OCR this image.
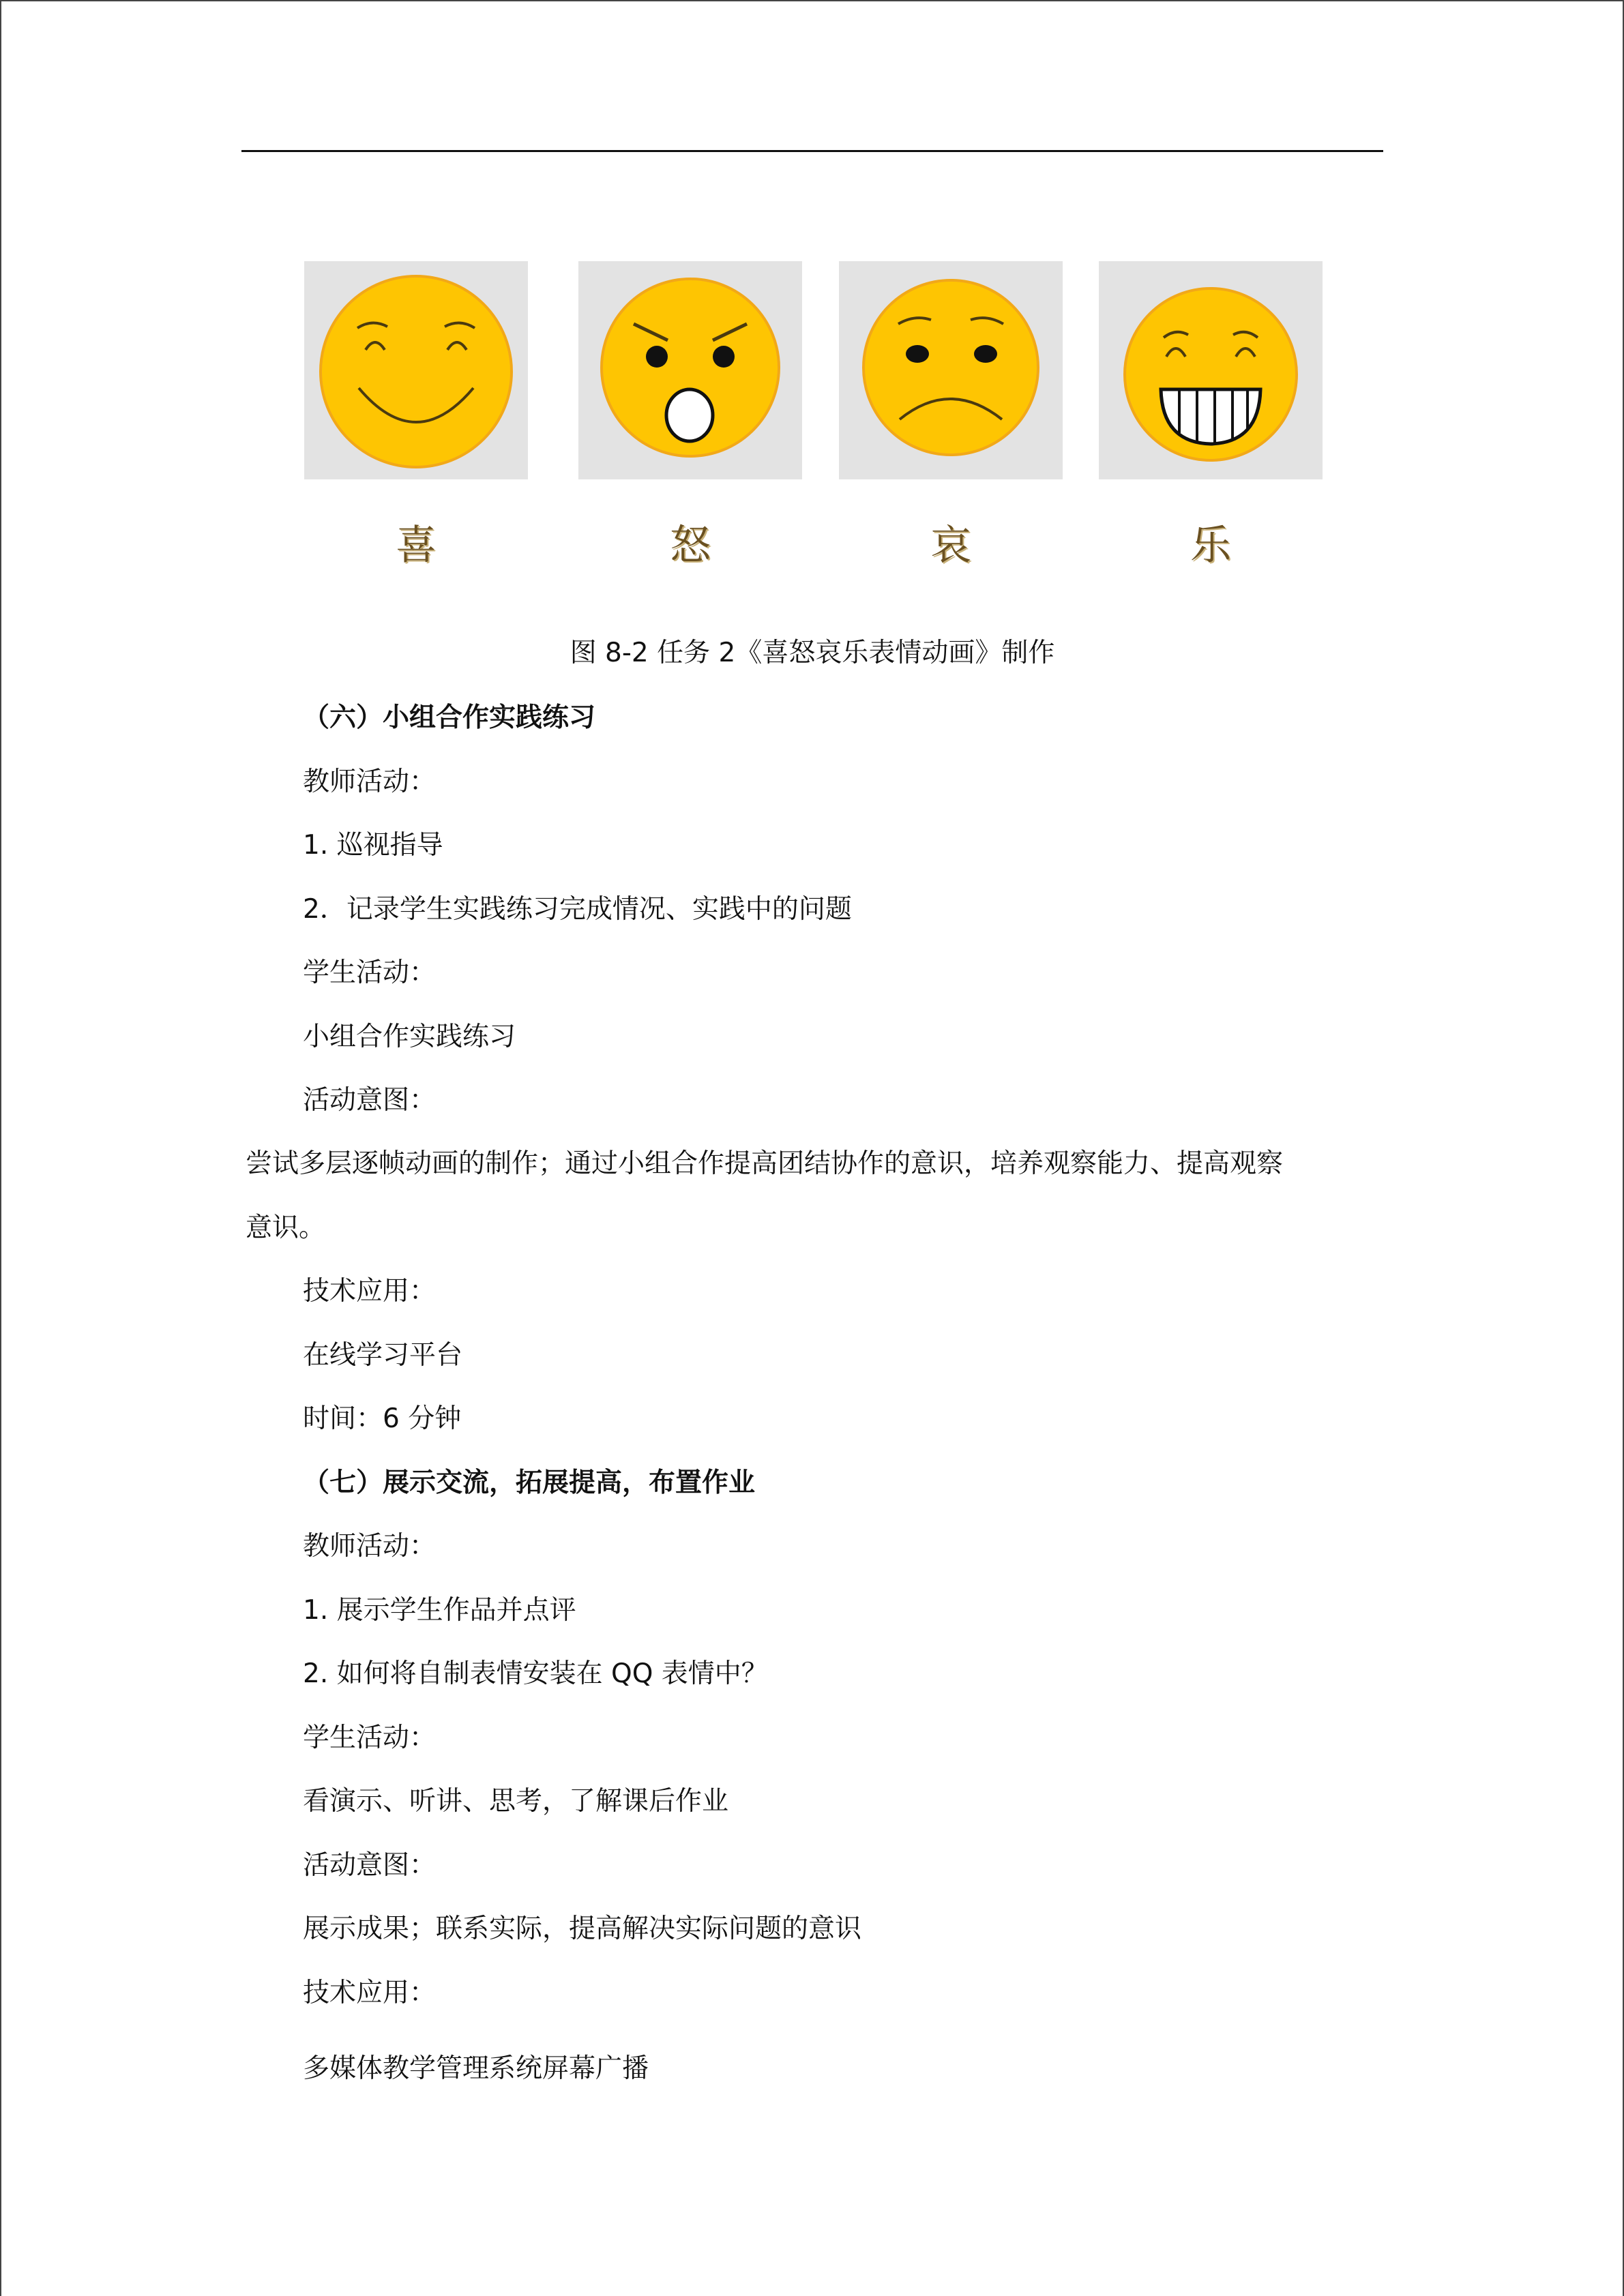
喜	怒	哀	乐
图 8-2 任务 2《喜怒哀乐表情动画》制作
（六）小组合作实践练习
教师活动：
1. 巡视指导
2．记录学生实践练习完成情况、实践中的问题
学生活动：
小组合作实践练习
活动意图：
尝试多层逐帧动画的制作；通过小组合作提高团结协作的意识，培养观察能力、提高观察
意识。
技术应用：
在线学习平台
时间：6 分钟
（七）展示交流，拓展提高，布置作业
教师活动：
1. 展示学生作品并点评
2. 如何将自制表情安装在 QQ 表情中？
学生活动：
看演示、听讲、思考，了解课后作业
活动意图：
展示成果；联系实际，提高解决实际问题的意识
技术应用：
多媒体教学管理系统屏幕广播
